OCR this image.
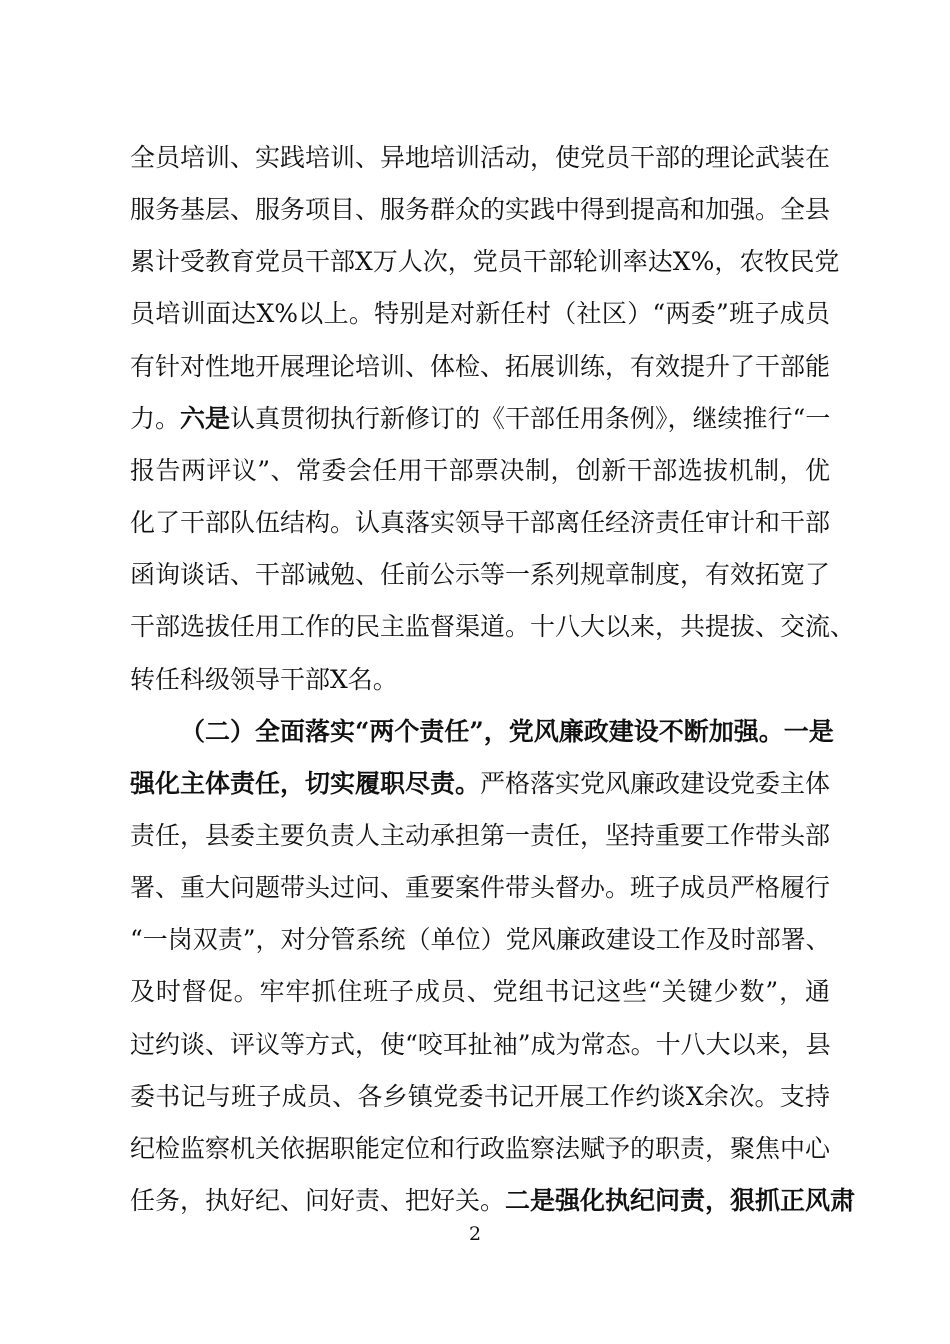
全员培训、实践培训、异地培训活动，使党员干部的理论武装在
服务基层、服务项目、服务群众的实践中得到提高和加强。全县
累计受教育党员干部X万人次，党员干部轮训率达X%，农牧民党
员培训面达X%以上。特别是对新任村（社区）“两委”班子成员
有针对性地开展理论培训、体检、拓展训练，有效提升了干部能
力。六是认真贯彻执行新修订的《干部任用条例》，继续推行“一
报告两评议”、常委会任用干部票决制，创新干部选拔机制，优
化了干部队伍结构。认真落实领导干部离任经济责任审计和干部
函询谈话、干部诫勉、任前公示等一系列规章制度，有效拓宽了
干部选拔任用工作的民主监督渠道。十八大以来，共提拔、交流、
转任科级领导干部X名。
（二）全面落实“两个责任”，党风廉政建设不断加强。一是
强化主体责任，切实履职尽责。严格落实党风廉政建设党委主体
责任，县委主要负责人主动承担第一责任，坚持重要工作带头部
署、重大问题带头过问、重要案件带头督办。班子成员严格履行
“一岗双责”，对分管系统（单位）党风廉政建设工作及时部署、
及时督促。牢牢抓住班子成员、党组书记这些“关键少数”，通
过约谈、评议等方式，使“咬耳扯袖”成为常态。十八大以来，县
委书记与班子成员、各乡镇党委书记开展工作约谈X余次。支持
纪检监察机关依据职能定位和行政监察法赋予的职责，聚焦中心
任务，执好纪、问好责、把好关。二是强化执纪问责，狠抓正风肃
2
